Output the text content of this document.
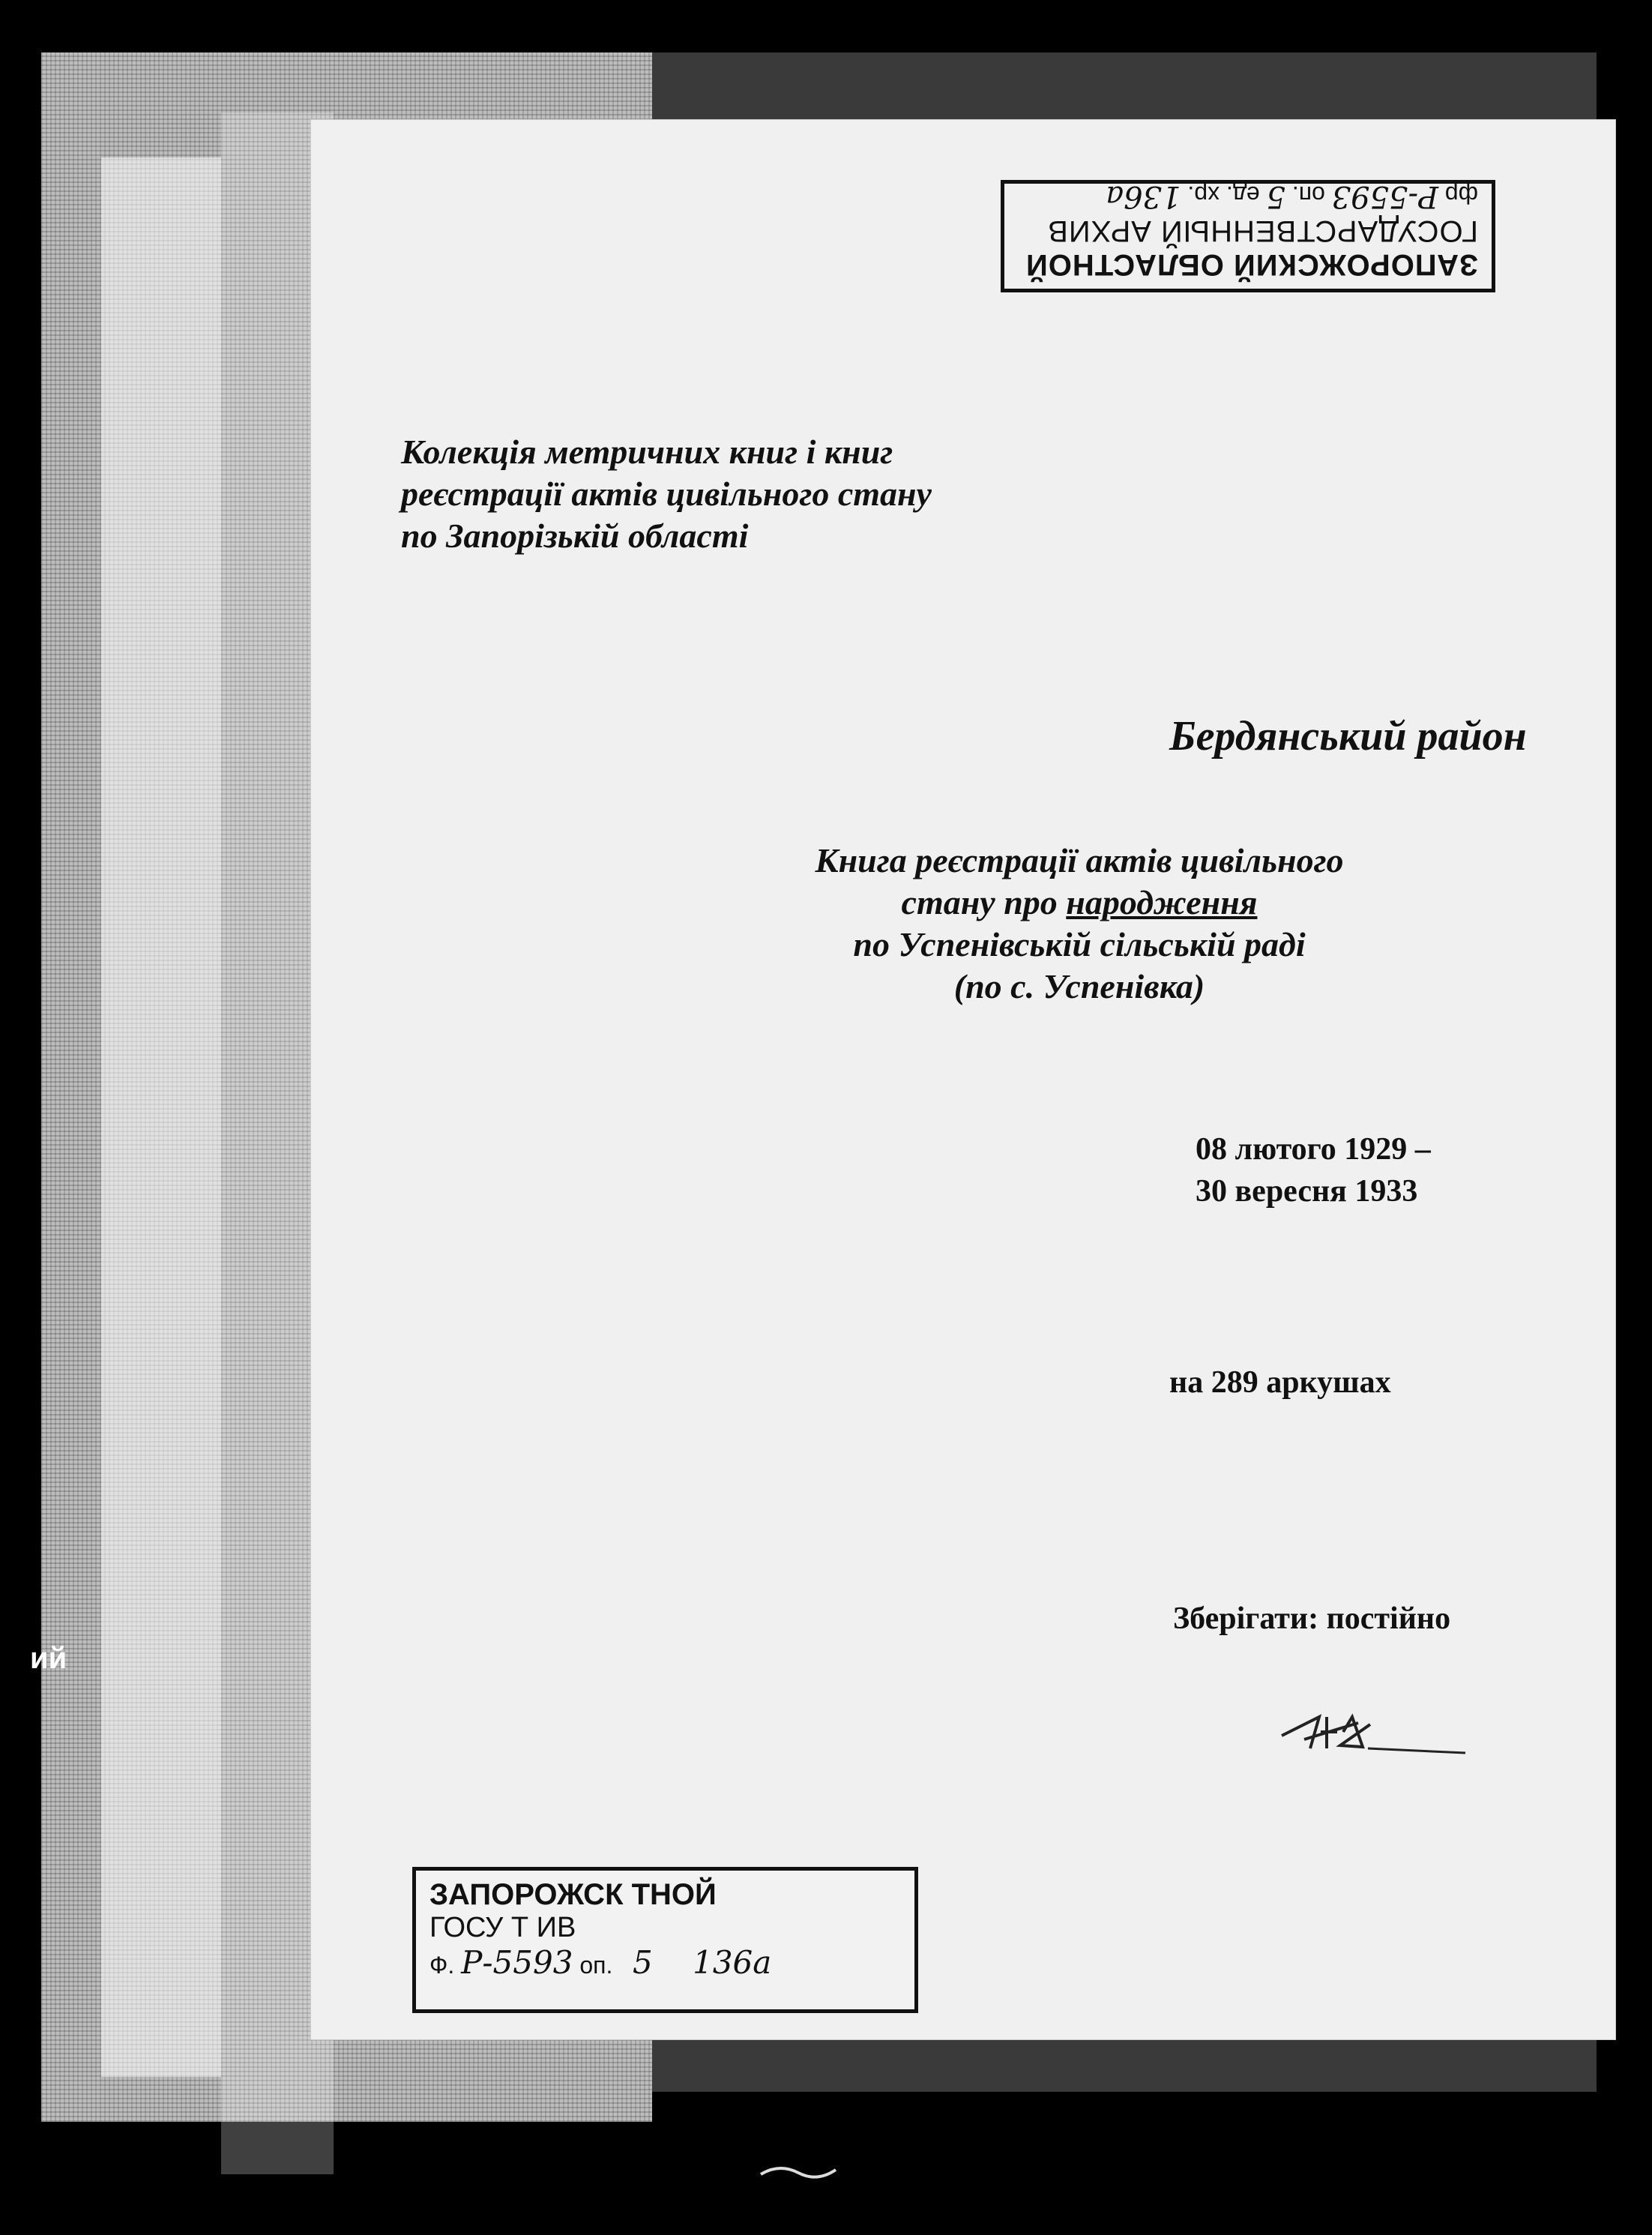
ий
ЗАПОРОЖСКИЙ ОБЛАСТНОЙ
ГОСУДАРСТВЕННЫЙ АРХИВ
фр Р-5593 оп. 5 ед. хр. 136а
Колекція метричних книг і книг
реєстрації актів цивільного стану
по Запорізькій області
Бердянський район
Книга реєстрації актів цивільного
стану про народження
по Успенівській сільській раді
(по с. Успенівка)
08 лютого 1929 –
30 вересня 1933
на 289 аркушах
Зберігати: постійно
ЗАПОРОЖСК ТНОЙ
ГОСУ Т ИВ
Ф. Р-5593 оп. 5 136а
